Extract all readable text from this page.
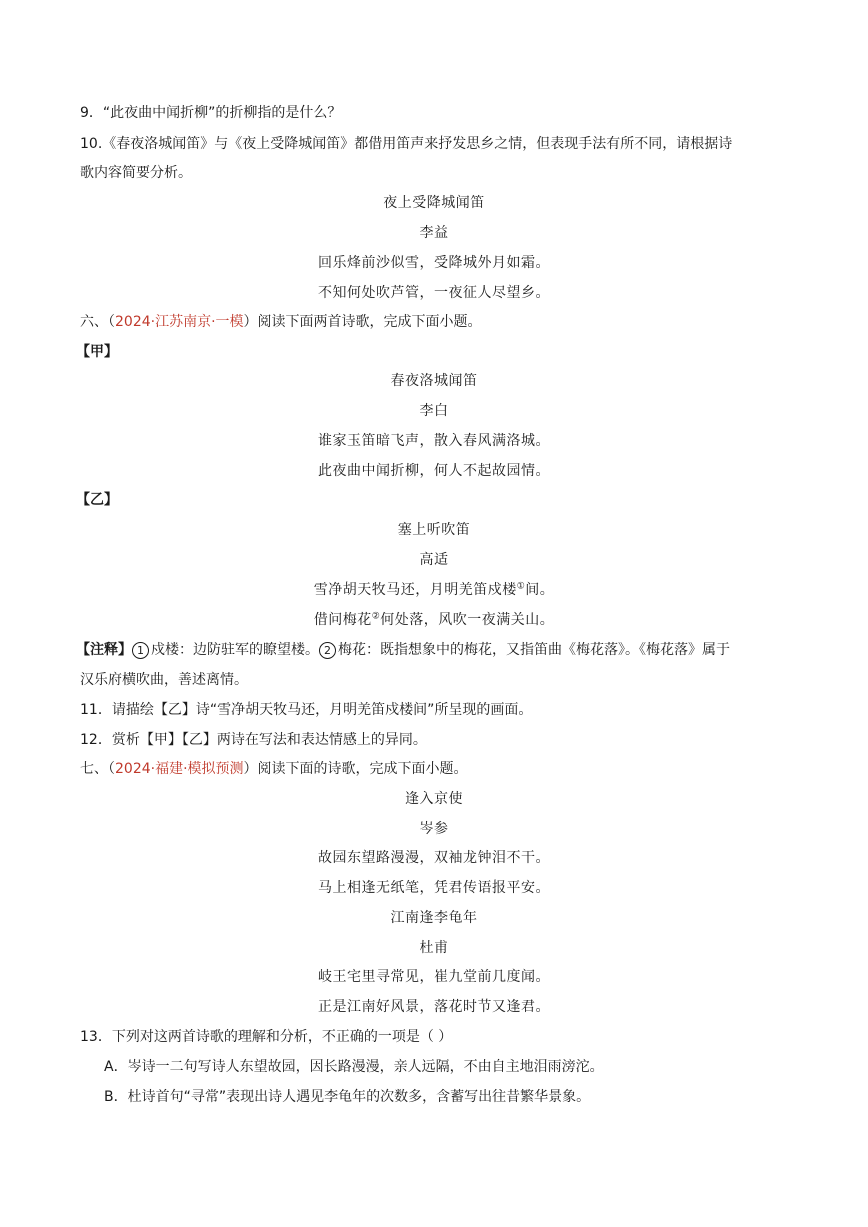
9．“此夜曲中闻折柳”的折柳指的是什么？
10.《春夜洛城闻笛》与《夜上受降城闻笛》都借用笛声来抒发思乡之情，但表现手法有所不同，请根据诗
歌内容简要分析。
夜上受降城闻笛
李益
回乐烽前沙似雪，受降城外月如霜。
不知何处吹芦管，一夜征人尽望乡。
六、（2024·江苏南京·一模）阅读下面两首诗歌，完成下面小题。
【甲】
春夜洛城闻笛
李白
谁家玉笛暗飞声，散入春风满洛城。
此夜曲中闻折柳，何人不起故园情。
【乙】
塞上听吹笛
高适
雪净胡天牧马还，月明羌笛戍楼①间。
借问梅花②何处落，风吹一夜满关山。
【注释】 1 戍楼：边防驻军的瞭望楼。 2 梅花：既指想象中的梅花，又指笛曲《梅花落》。《梅花落》属于
汉乐府横吹曲，善述离情。
11．请描绘【乙】诗“雪净胡天牧马还，月明羌笛戍楼间”所呈现的画面。
12．赏析【甲】【乙】两诗在写法和表达情感上的异同。
七、（2024·福建·模拟预测）阅读下面的诗歌，完成下面小题。
逢入京使
岑参
故园东望路漫漫，双袖龙钟泪不干。
马上相逢无纸笔，凭君传语报平安。
江南逢李龟年
杜甫
岐王宅里寻常见，崔九堂前几度闻。
正是江南好风景，落花时节又逢君。
13．下列对这两首诗歌的理解和分析，不正确的一项是（ ）
A．岑诗一二句写诗人东望故园，因长路漫漫，亲人远隔，不由自主地泪雨滂沱。
B．杜诗首句“寻常”表现出诗人遇见李龟年的次数多，含蓄写出往昔繁华景象。
